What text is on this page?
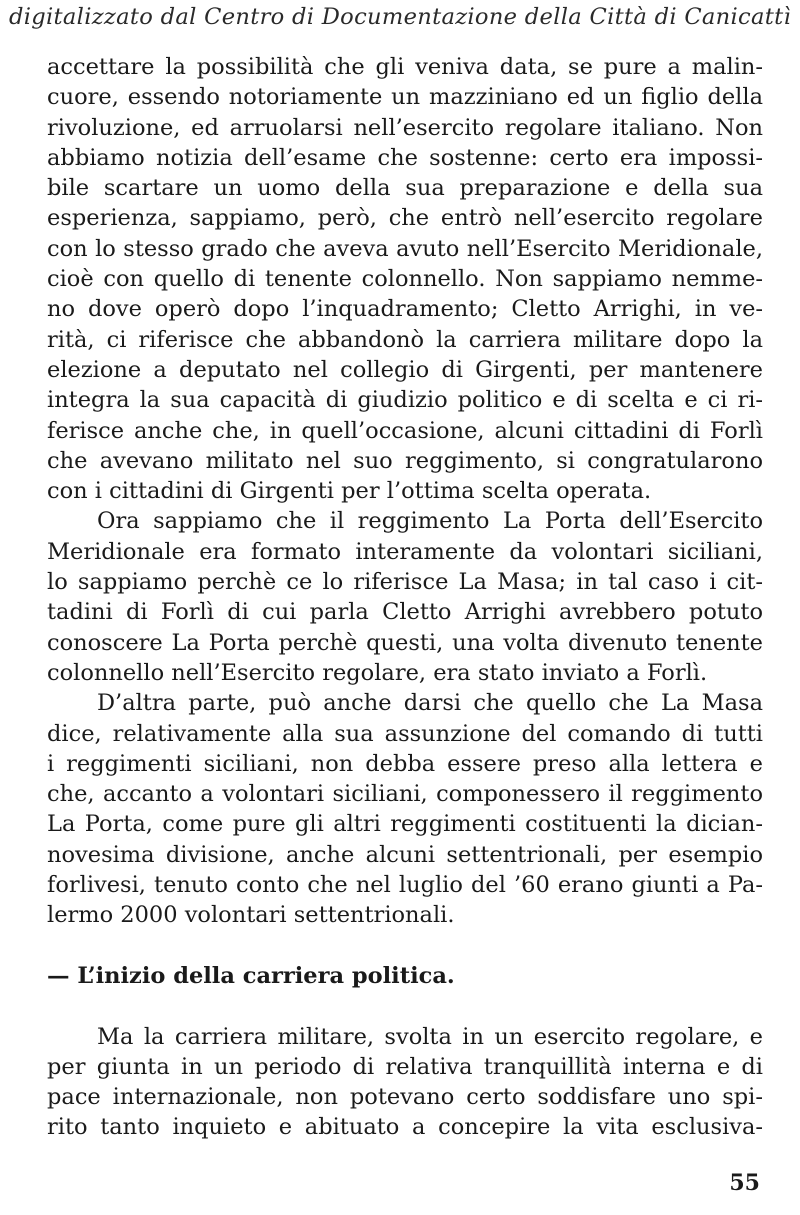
digitalizzato dal Centro di Documentazione della Città di Canicattì
accettare la possibilità che gli veniva data, se pure a malin-
cuore, essendo notoriamente un mazziniano ed un figlio della
rivoluzione, ed arruolarsi nell’esercito regolare italiano. Non
abbiamo notizia dell’esame che sostenne: certo era impossi-
bile scartare un uomo della sua preparazione e della sua
esperienza, sappiamo, però, che entrò nell’esercito regolare
con lo stesso grado che aveva avuto nell’Esercito Meridionale,
cioè con quello di tenente colonnello. Non sappiamo nemme-
no dove operò dopo l’inquadramento; Cletto Arrighi, in ve-
rità, ci riferisce che abbandonò la carriera militare dopo la
elezione a deputato nel collegio di Girgenti, per mantenere
integra la sua capacità di giudizio politico e di scelta e ci ri-
ferisce anche che, in quell’occasione, alcuni cittadini di Forlì
che avevano militato nel suo reggimento, si congratularono
con i cittadini di Girgenti per l’ottima scelta operata.
Ora sappiamo che il reggimento La Porta dell’Esercito
Meridionale era formato interamente da volontari siciliani,
lo sappiamo perchè ce lo riferisce La Masa; in tal caso i cit-
tadini di Forlì di cui parla Cletto Arrighi avrebbero potuto
conoscere La Porta perchè questi, una volta divenuto tenente
colonnello nell’Esercito regolare, era stato inviato a Forlì.
D’altra parte, può anche darsi che quello che La Masa
dice, relativamente alla sua assunzione del comando di tutti
i reggimenti siciliani, non debba essere preso alla lettera e
che, accanto a volontari siciliani, componessero il reggimento
La Porta, come pure gli altri reggimenti costituenti la dician-
novesima divisione, anche alcuni settentrionali, per esempio
forlivesi, tenuto conto che nel luglio del ’60 erano giunti a Pa-
lermo 2000 volontari settentrionali.
— L’inizio della carriera politica.
Ma la carriera militare, svolta in un esercito regolare, e
per giunta in un periodo di relativa tranquillità interna e di
pace internazionale, non potevano certo soddisfare uno spi-
rito tanto inquieto e abituato a concepire la vita esclusiva-
55
